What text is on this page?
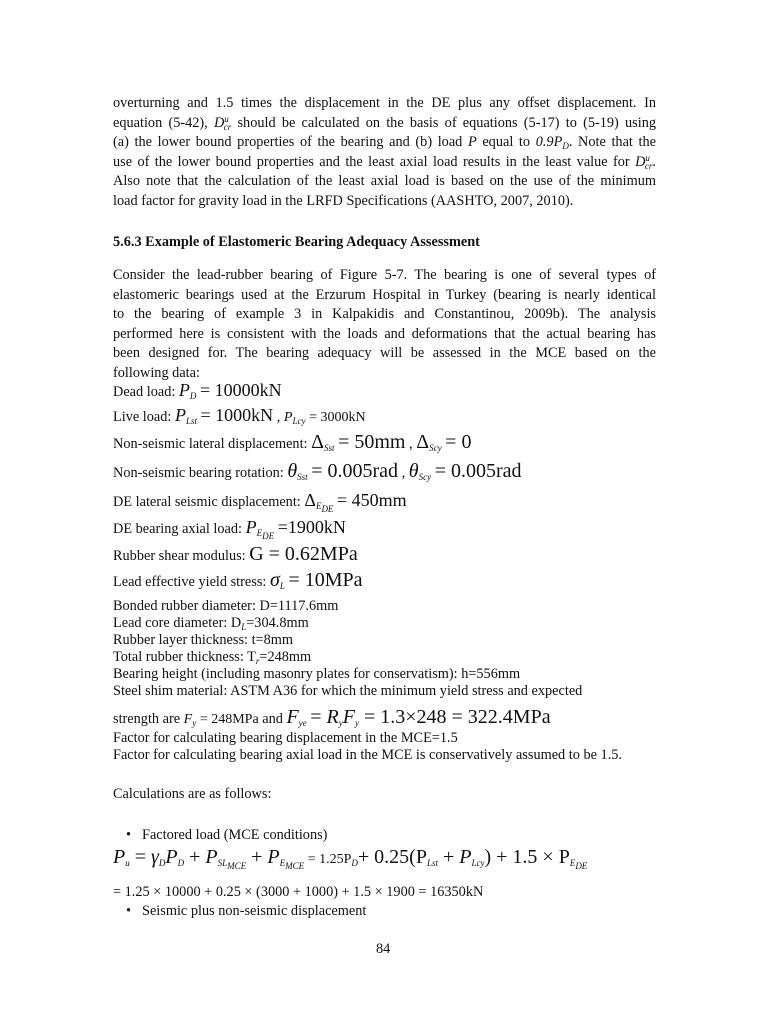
overturning and 1.5 times the displacement in the DE plus any offset displacement. In
equation (5-42), $D^u_{cr}$ should be calculated on the basis of equations (5-17) to (5-19) using
(a) the lower bound properties of the bearing and (b) load P equal to $0.9P_D$. Note that the
use of the lower bound properties and the least axial load results in the least value for $D^u_{cr}$.
Also note that the calculation of the least axial load is based on the use of the minimum
load factor for gravity load in the LRFD Specifications (AASHTO, 2007, 2010).
5.6.3 Example of Elastomeric Bearing Adequacy Assessment
Consider the lead-rubber bearing of Figure 5-7. The bearing is one of several types of
elastomeric bearings used at the Erzurum Hospital in Turkey (bearing is nearly identical
to the bearing of example 3 in Kalpakidis and Constantinou, 2009b). The analysis
performed here is consistent with the loads and deformations that the actual bearing has
been designed for. The bearing adequacy will be assessed in the MCE based on the
following data:
Dead load: $P_D = 10000kN$
Live load: $P_{Lst} = 1000kN$ , $P_{Lcy} = 3000kN$
Non-seismic lateral displacement: $\Delta_{Sst} = 50mm$ , $\Delta_{Scy} = 0$
Non-seismic bearing rotation: $\theta_{Sst} = 0.005rad$ , $\theta_{Scy} = 0.005rad$
DE lateral seismic displacement: $\Delta_{E_{DE}} = 450mm$
DE bearing axial load: $P_{E_{DE}} =1900kN$
Rubber shear modulus: G = 0.62MPa
Lead effective yield stress: $\sigma_L = 10MPa$
Bonded rubber diameter: D=1117.6mm
Lead core diameter: $D_L=304.8mm$
Rubber layer thickness: t=8mm
Total rubber thickness: $T_r=248mm$
Bearing height (including masonry plates for conservatism): h=556mm
Steel shim material: ASTM A36 for which the minimum yield stress and expected
strength are $F_y = 248MPa$ and $F_{ye} = R_yF_y = 1.3\times 248 = 322.4MPa$
Factor for calculating bearing displacement in the MCE=1.5
Factor for calculating bearing axial load in the MCE is conservatively assumed to be 1.5.
Calculations are as follows:
• Factored load (MCE conditions)
$P_u = \gamma_DP_D + P_{SL_{MCE}} + P_{E_{MCE}} = 1.25P_D+ 0.25(P_{Lst} + P_{Lcy}) + 1.5 \times P_{E_{DE}}$
= 1.25 × 10000 + 0.25 × (3000 + 1000) + 1.5 × 1900 = 16350kN
• Seismic plus non-seismic displacement
84
